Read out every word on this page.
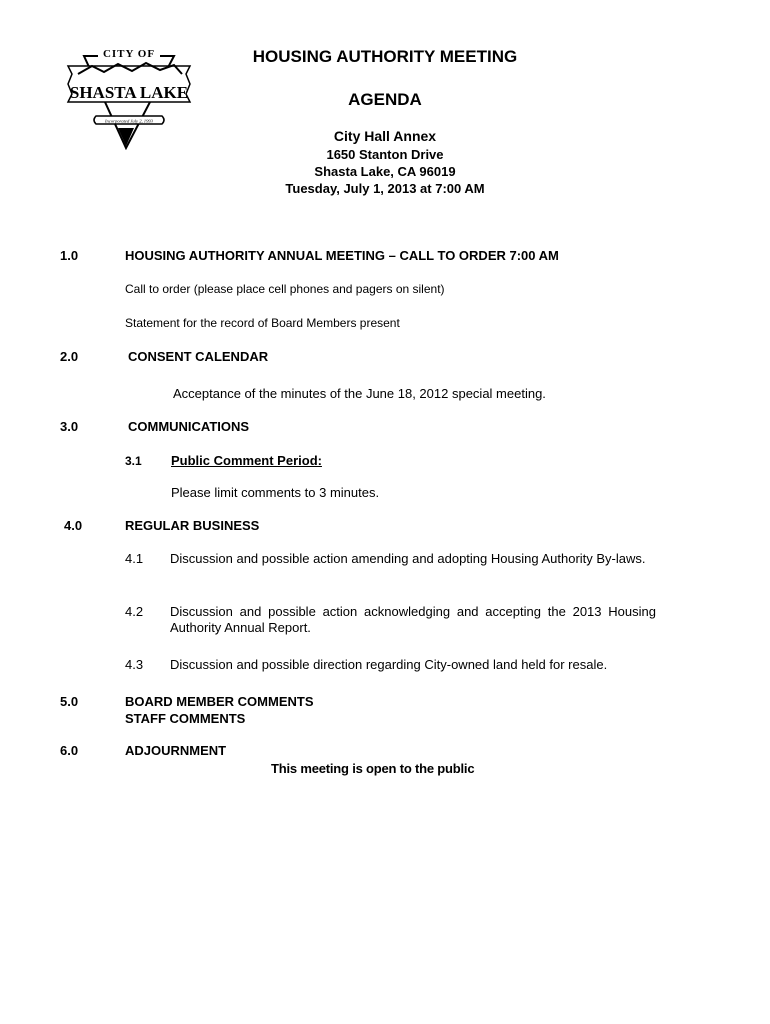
CITY OF
SHASTA LAKE
Incorporated July 2, 1993
HOUSING AUTHORITY MEETING
AGENDA
City Hall Annex
1650 Stanton Drive
Shasta Lake, CA 96019
Tuesday, July 1, 2013 at 7:00 AM
1.0	HOUSING AUTHORITY ANNUAL MEETING – CALL TO ORDER 7:00 AM
Call to order (please place cell phones and pagers on silent)
Statement for the record of Board Members present
2.0	CONSENT CALENDAR
Acceptance of the minutes of the June 18, 2012 special meeting.
3.0	COMMUNICATIONS
3.1 Public Comment Period:
Please limit comments to 3 minutes.
4.0	REGULAR BUSINESS
4.1 Discussion and possible action amending and adopting Housing Authority By-laws.
4.2 Discussion and possible action acknowledging and accepting the 2013 Housing Authority Annual Report.
4.3 Discussion and possible direction regarding City-owned land held for resale.
5.0	BOARD MEMBER COMMENTS
STAFF COMMENTS
6.0	ADJOURNMENT
This meeting is open to the public
